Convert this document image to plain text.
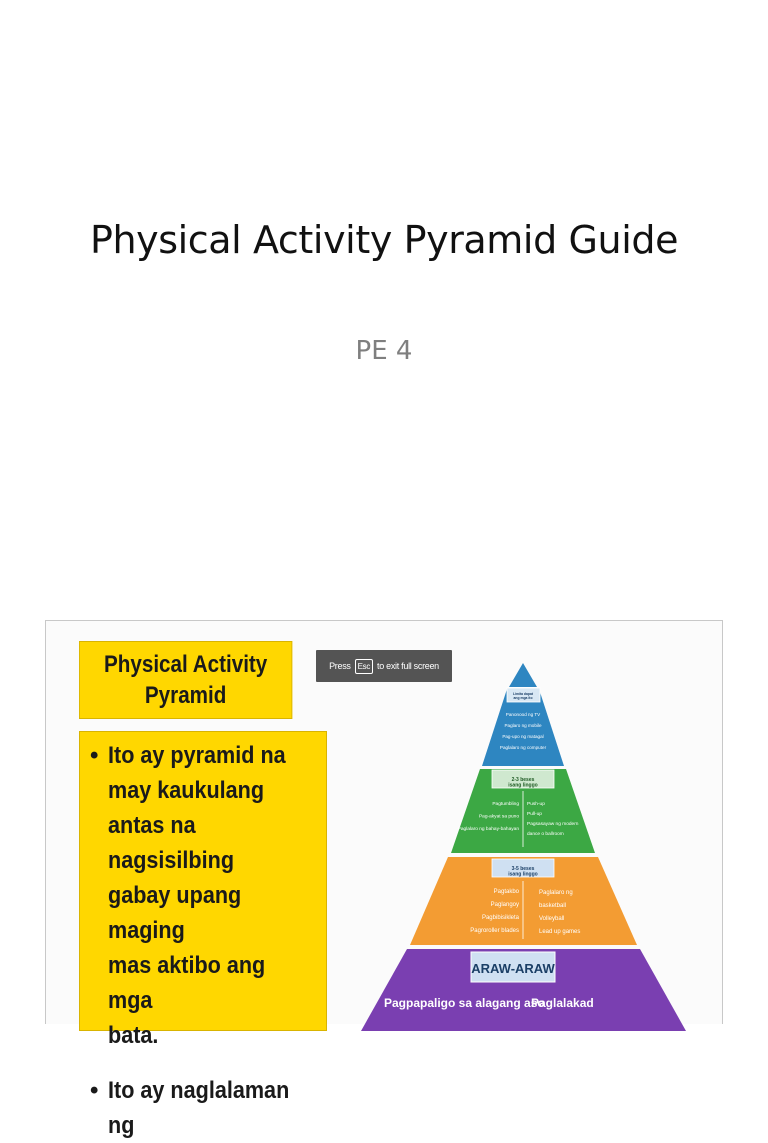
Physical Activity Pyramid Guide
PE 4
Physical Activity
Pyramid
• Ito ay pyramid na
may kaukulang
antas na nagsisilbing
gabay upang maging
mas aktibo ang mga
bata.
• Ito ay naglalaman ng
Limita dapat ang mga ito
2-3 beses isang linggo
3-5 beses isang linggo
ARAW-ARAW
Panonood ng TV
Paglaro ng mobile
Pag-upo ng matagal
Paglalaro ng computer
Pagtumbling
Pag-akyat sa puno
Paglalaro ng bahay-bahayan
Push-up
Pull-up
Pagsasayaw ng modern
dance o ballroom
Pagtakbo
Paglangoy
Pagbibisikleta
Pagroroller blades
Paglalaro ng
basketball
Volleyball
Lead up games
Pagpapaligo sa alagang aso
Paglalakad
Press Esc to exit full screen
